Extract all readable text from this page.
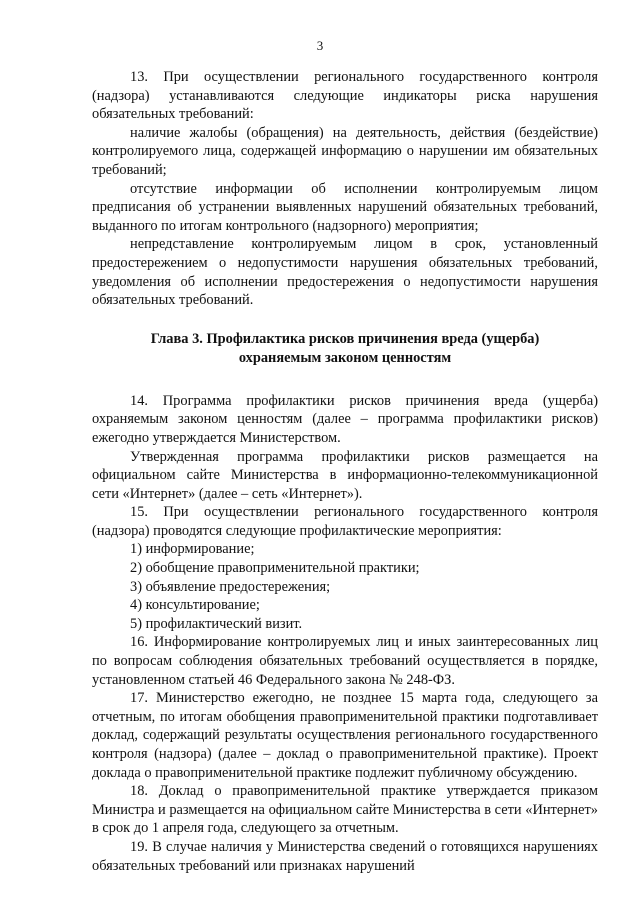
3

13. При осуществлении регионального государственного контроля (надзора) устанавливаются следующие индикаторы риска нарушения обязательных требований:

наличие жалобы (обращения) на деятельность, действия (бездействие) контролируемого лица, содержащей информацию о нарушении им обязательных требований;

отсутствие информации об исполнении контролируемым лицом предписания об устранении выявленных нарушений обязательных требований, выданного по итогам контрольного (надзорного) мероприятия;

непредставление контролируемым лицом в срок, установленный предостережением о недопустимости нарушения обязательных требований, уведомления об исполнении предостережения о недопустимости нарушения обязательных требований.

Глава 3. Профилактика рисков причинения вреда (ущерба)
охраняемым законом ценностям

14. Программа профилактики рисков причинения вреда (ущерба) охраняемым законом ценностям (далее – программа профилактики рисков) ежегодно утверждается Министерством.

Утвержденная программа профилактики рисков размещается на официальном сайте Министерства в информационно-телекоммуникационной сети «Интернет» (далее – сеть «Интернет»).

15. При осуществлении регионального государственного контроля (надзора) проводятся следующие профилактические мероприятия:

1) информирование;

2) обобщение правоприменительной практики;

3) объявление предостережения;

4) консультирование;

5) профилактический визит.

16. Информирование контролируемых лиц и иных заинтересованных лиц по вопросам соблюдения обязательных требований осуществляется в порядке, установленном статьей 46 Федерального закона № 248-ФЗ.

17. Министерство ежегодно, не позднее 15 марта года, следующего за отчетным, по итогам обобщения правоприменительной практики подготавливает доклад, содержащий результаты осуществления регионального государственного контроля (надзора) (далее – доклад о правоприменительной практике). Проект доклада о правоприменительной практике подлежит публичному обсуждению.

18. Доклад о правоприменительной практике утверждается приказом Министра и размещается на официальном сайте Министерства в сети «Интернет» в срок до 1 апреля года, следующего за отчетным.

19. В случае наличия у Министерства сведений о готовящихся нарушениях обязательных требований или признаках нарушений
